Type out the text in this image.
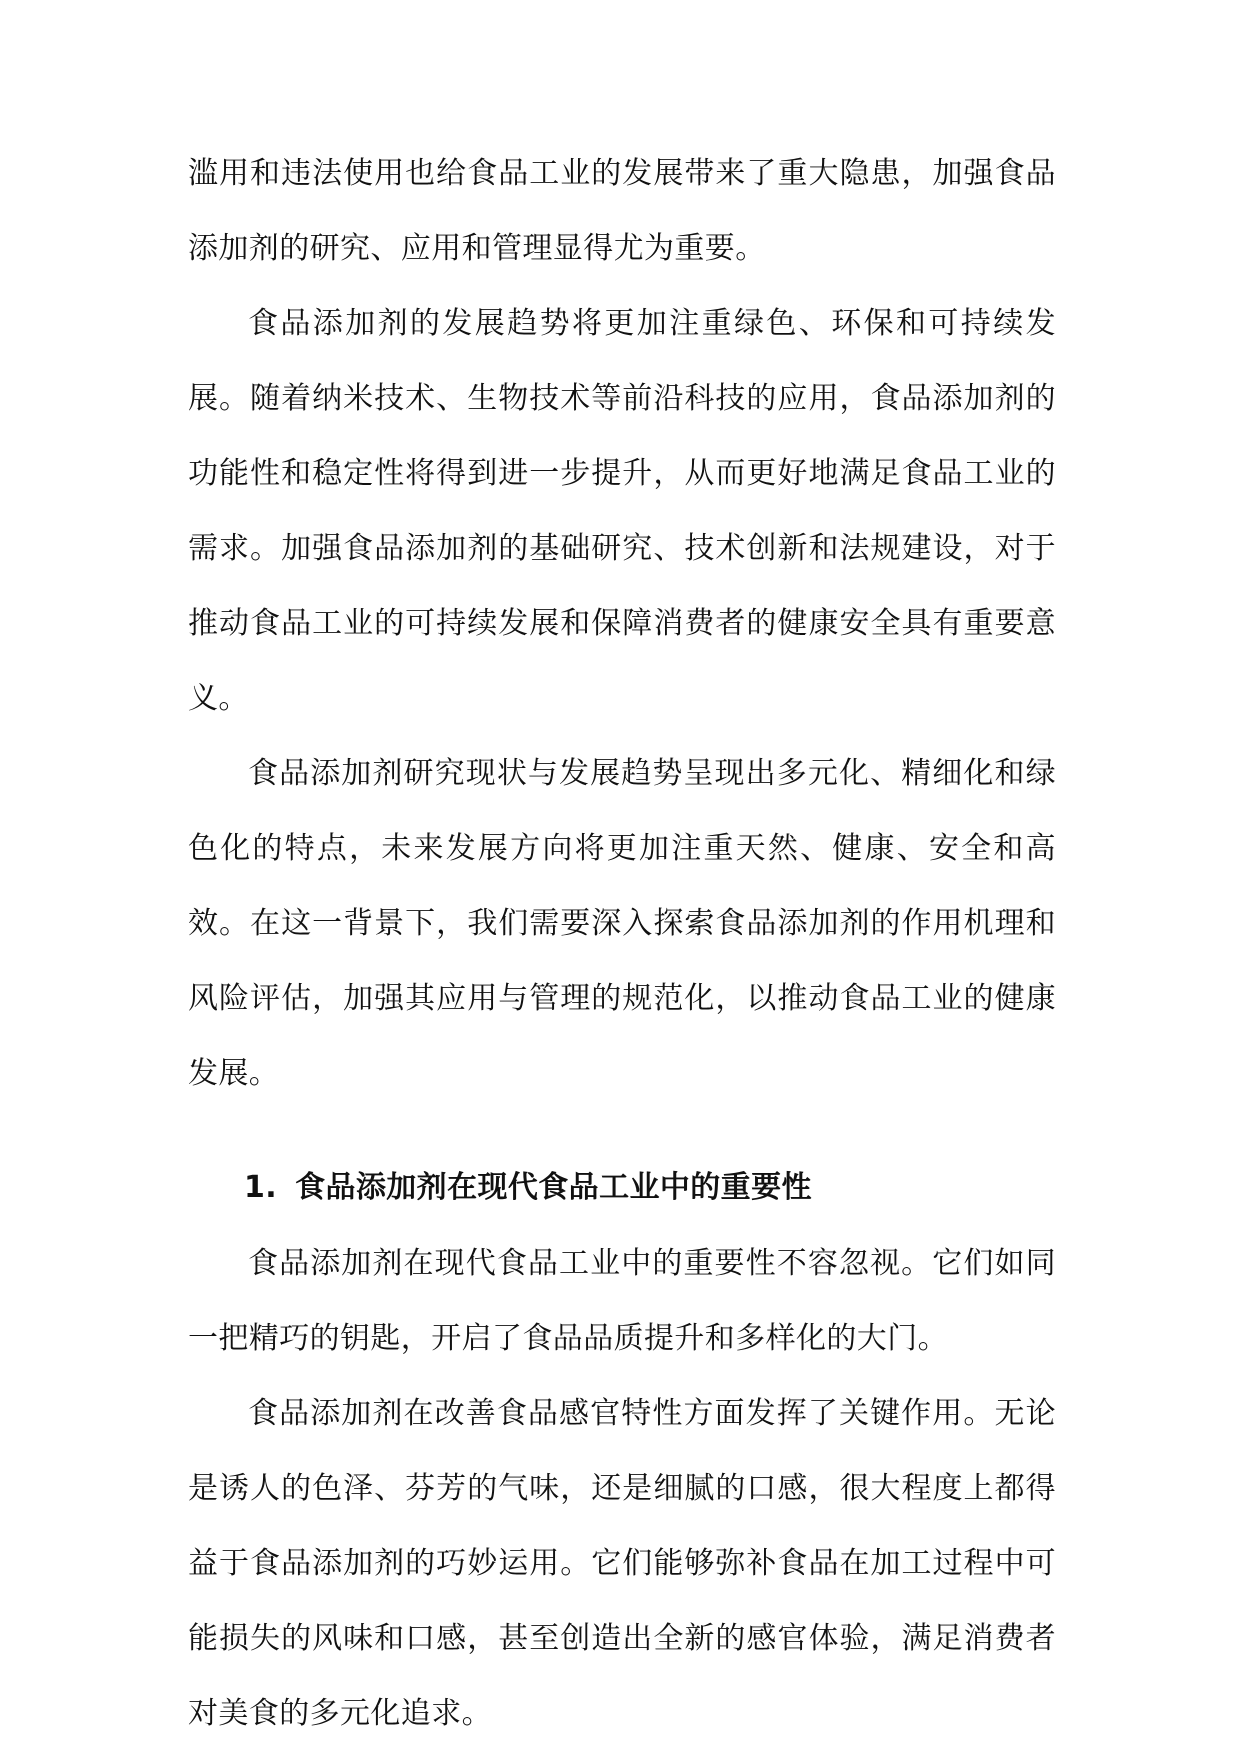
滥用和违法使用也给食品工业的发展带来了重大隐患，加强食品添加剂的研究、应用和管理显得尤为重要。

食品添加剂的发展趋势将更加注重绿色、环保和可持续发展。随着纳米技术、生物技术等前沿科技的应用，食品添加剂的功能性和稳定性将得到进一步提升，从而更好地满足食品工业的需求。加强食品添加剂的基础研究、技术创新和法规建设，对于推动食品工业的可持续发展和保障消费者的健康安全具有重要意义。

食品添加剂研究现状与发展趋势呈现出多元化、精细化和绿色化的特点，未来发展方向将更加注重天然、健康、安全和高效。在这一背景下，我们需要深入探索食品添加剂的作用机理和风险评估，加强其应用与管理的规范化，以推动食品工业的健康发展。

1. 食品添加剂在现代食品工业中的重要性

食品添加剂在现代食品工业中的重要性不容忽视。它们如同一把精巧的钥匙，开启了食品品质提升和多样化的大门。

食品添加剂在改善食品感官特性方面发挥了关键作用。无论是诱人的色泽、芬芳的气味，还是细腻的口感，很大程度上都得益于食品添加剂的巧妙运用。它们能够弥补食品在加工过程中可能损失的风味和口感，甚至创造出全新的感官体验，满足消费者对美食的多元化追求。
